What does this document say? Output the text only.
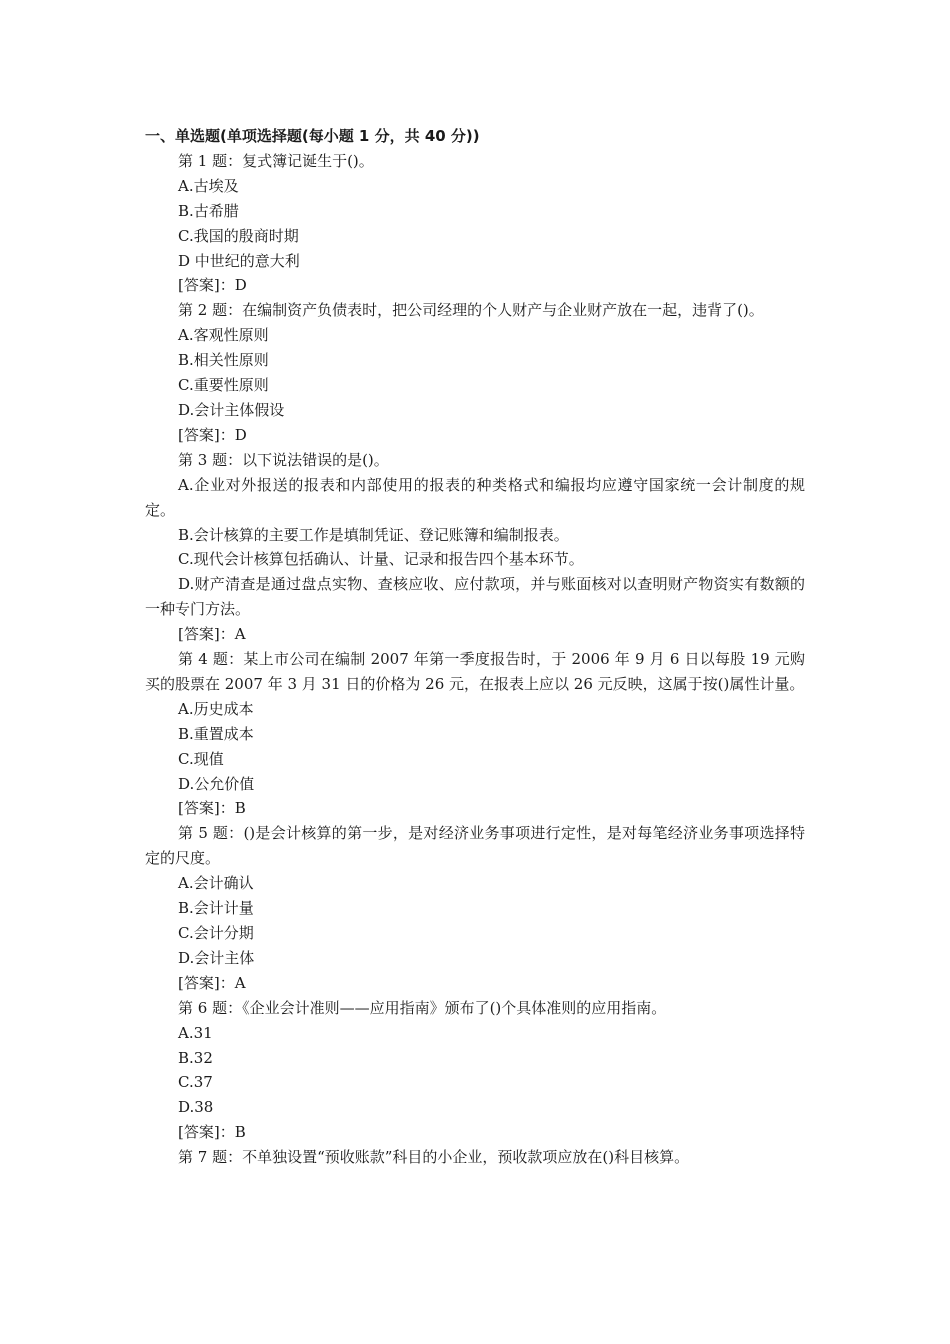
一、单选题(单项选择题(每小题 1 分，共 40 分))

第 1 题：复式簿记诞生于()。

A.古埃及

B.古希腊

C.我国的殷商时期

D 中世纪的意大利

[答案]：D

第 2 题：在编制资产负债表时，把公司经理的个人财产与企业财产放在一起，违背了()。

A.客观性原则

B.相关性原则

C.重要性原则

D.会计主体假设

[答案]：D

第 3 题：以下说法错误的是()。

A.企业对外报送的报表和内部使用的报表的种类格式和编报均应遵守国家统一会计制度的规定。

B.会计核算的主要工作是填制凭证、登记账簿和编制报表。

C.现代会计核算包括确认、计量、记录和报告四个基本环节。

D.财产清查是通过盘点实物、查核应收、应付款项，并与账面核对以查明财产物资实有数额的一种专门方法。

[答案]：A

第 4 题：某上市公司在编制 2007 年第一季度报告时，于 2006 年 9 月 6 日以每股 19 元购买的股票在 2007 年 3 月 31 日的价格为 26 元，在报表上应以 26 元反映，这属于按()属性计量。

A.历史成本

B.重置成本

C.现值

D.公允价值

[答案]：B

第 5 题：()是会计核算的第一步，是对经济业务事项进行定性，是对每笔经济业务事项选择特定的尺度。

A.会计确认

B.会计计量

C.会计分期

D.会计主体

[答案]：A

第 6 题：《企业会计准则——应用指南》颁布了()个具体准则的应用指南。

A.31

B.32

C.37

D.38

[答案]：B

第 7 题：不单独设置“预收账款”科目的小企业，预收款项应放在()科目核算。
